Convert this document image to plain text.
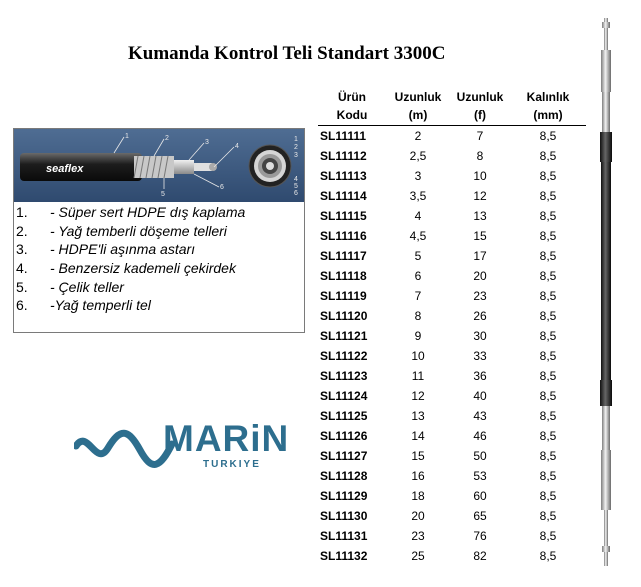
Kumanda Kontrol Teli Standart 3300C
seaflex
1	2
3
4
5
6
1
2
3
4
5
6
1.	- Süper sert HDPE dış kaplama
2.	- Yağ temberli döşeme telleri
3.	- HDPE'li aşınma astarı
4.	- Benzersiz kademeli çekirdek
5.	- Çelik teller
6.	-Yağ temperli tel
MARiN
TURKIYE
Ürün
Kodu
Uzunluk
(m)
Uzunluk
(f)
Kalınlık
(mm)
SL11111	2	7	8,5
SL11112	2,5	8	8,5
SL11113	3	10	8,5
SL11114	3,5	12	8,5
SL11115	4	13	8,5
SL11116	4,5	15	8,5
SL11117	5	17	8,5
SL11118	6	20	8,5
SL11119	7	23	8,5
SL11120	8	26	8,5
SL11121	9	30	8,5
SL11122	10	33	8,5
SL11123	11	36	8,5
SL11124	12	40	8,5
SL11125	13	43	8,5
SL11126	14	46	8,5
SL11127	15	50	8,5
SL11128	16	53	8,5
SL11129	18	60	8,5
SL11130	20	65	8,5
SL11131	23	76	8,5
SL11132	25	82	8,5
